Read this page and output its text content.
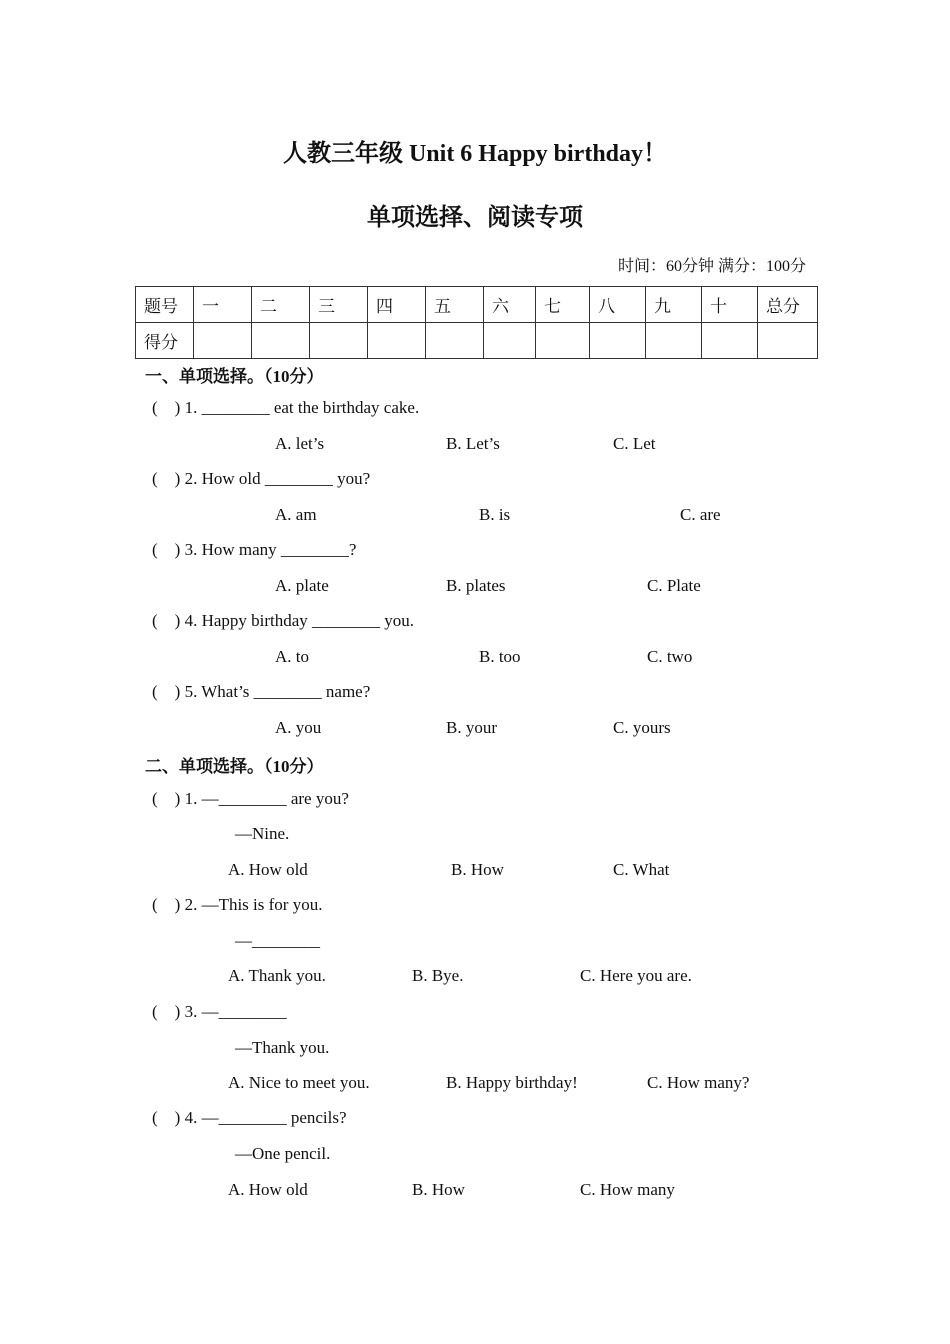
人教三年级 Unit 6 Happy birthday！
单项选择、阅读专项
时间：60分钟 满分：100分
题号	一	二	三	四	五	六	七	八	九	十	总分
得分											
一、单项选择。（10分）
(    ) 1. ________ eat the birthday cake.
A. let’s	B. Let’s	C. Let
(    ) 2. How old ________ you?
A. am	B. is	C. are
(    ) 3. How many ________?
A. plate	B. plates	C. Plate
(    ) 4. Happy birthday ________ you.
A. to	B. too	C. two
(    ) 5. What’s ________ name?
A. you	B. your	C. yours
二、单项选择。（10分）
(    ) 1. —________ are you?
—Nine.
A. How old	B. How	C. What
(    ) 2. —This is for you.
—________
A. Thank you.	B. Bye.	C. Here you are.
(    ) 3. —________
—Thank you.
A. Nice to meet you.	B. Happy birthday!	C. How many?
(    ) 4. —________ pencils?
—One pencil.
A. How old	B. How	C. How many
